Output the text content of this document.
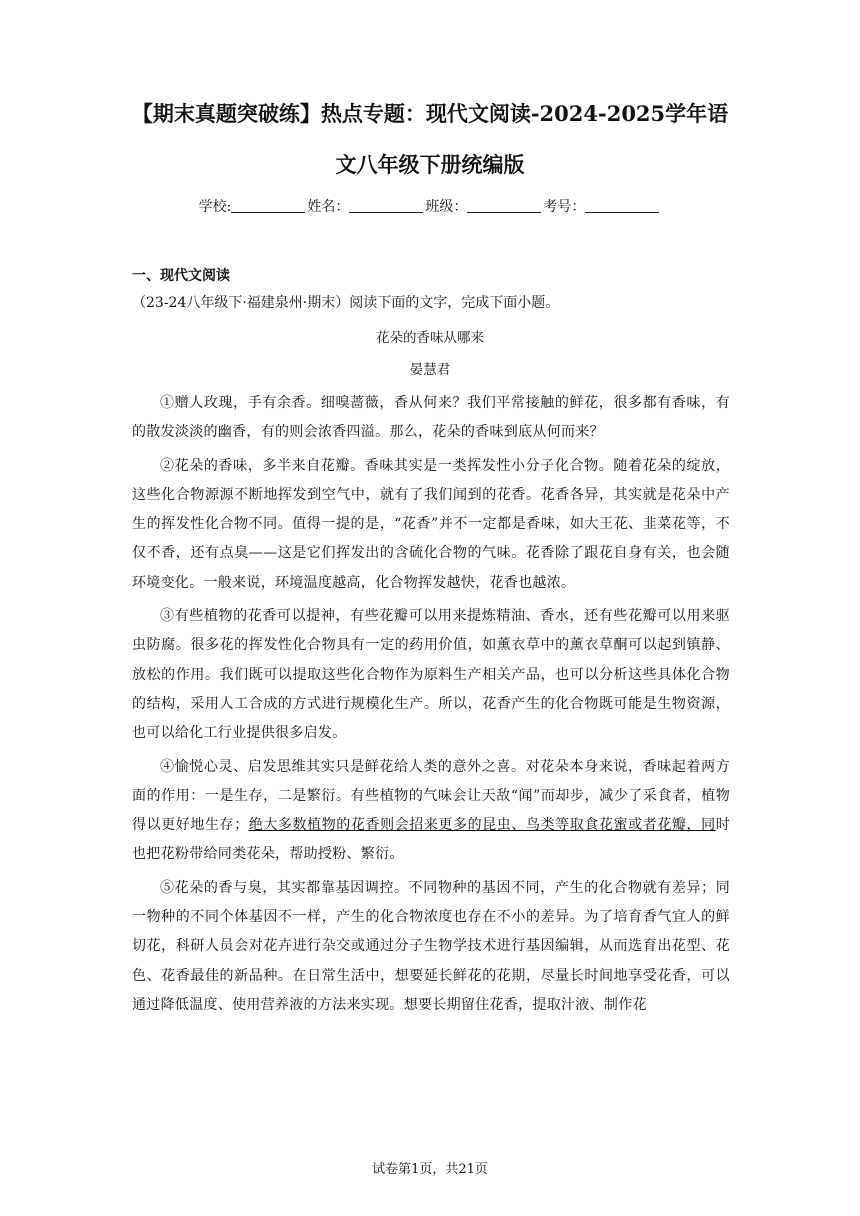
【期末真题突破练】热点专题：现代文阅读-2024-2025学年语
文八年级下册统编版
学校:	姓名：	班级：	考号：
一、现代文阅读
（23-24八年级下·福建泉州·期末）阅读下面的文字，完成下面小题。
花朵的香味从哪来
晏慧君

①赠人玫瑰，手有余香。细嗅蔷薇，香从何来？我们平常接触的鲜花，很多都有香味，有的散发淡淡的幽香，有的则会浓香四溢。那么，花朵的香味到底从何而来？

②花朵的香味，多半来自花瓣。香味其实是一类挥发性小分子化合物。随着花朵的绽放，这些化合物源源不断地挥发到空气中，就有了我们闻到的花香。花香各异，其实就是花朵中产生的挥发性化合物不同。值得一提的是，“花香”并不一定都是香味，如大王花、韭菜花等，不仅不香，还有点臭——这是它们挥发出的含硫化合物的气味。花香除了跟花自身有关，也会随环境变化。一般来说，环境温度越高，化合物挥发越快，花香也越浓。

③有些植物的花香可以提神，有些花瓣可以用来提炼精油、香水，还有些花瓣可以用来驱虫防腐。很多花的挥发性化合物具有一定的药用价值，如薰衣草中的薰衣草酮可以起到镇静、放松的作用。我们既可以提取这些化合物作为原料生产相关产品，也可以分析这些具体化合物的结构，采用人工合成的方式进行规模化生产。所以，花香产生的化合物既可能是生物资源，也可以给化工行业提供很多启发。

④愉悦心灵、启发思维其实只是鲜花给人类的意外之喜。对花朵本身来说，香味起着两方面的作用：一是生存，二是繁衍。有些植物的气味会让天敌“闻”而却步，减少了采食者，植物得以更好地生存；绝大多数植物的花香则会招来更多的昆虫、鸟类等取食花蜜或者花瓣，同时也把花粉带给同类花朵，帮助授粉、繁衍。

⑤花朵的香与臭，其实都靠基因调控。不同物种的基因不同，产生的化合物就有差异；同一物种的不同个体基因不一样，产生的化合物浓度也存在不小的差异。为了培育香气宜人的鲜切花，科研人员会对花卉进行杂交或通过分子生物学技术进行基因编辑，从而选育出花型、花色、花香最佳的新品种。在日常生活中，想要延长鲜花的花期，尽量长时间地享受花香，可以通过降低温度、使用营养液的方法来实现。想要长期留住花香，提取汁液、制作花

试卷第1页，共21页
